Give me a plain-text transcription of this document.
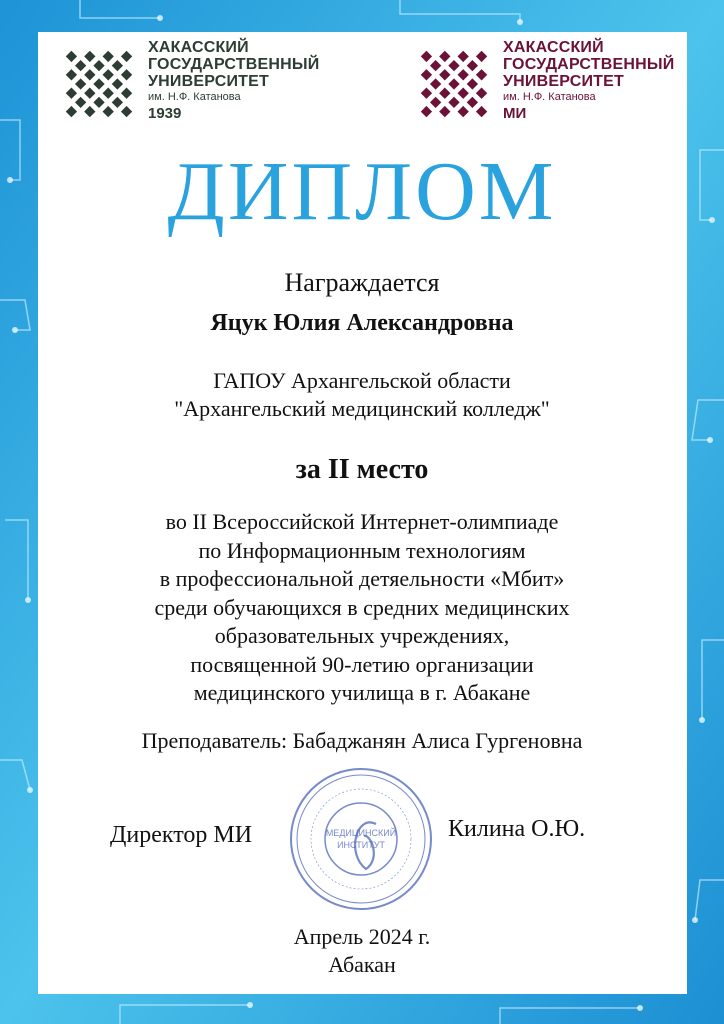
ХАКАССКИЙ
ГОСУДАРСТВЕННЫЙ
УНИВЕРСИТЕТ
им. Н.Ф. Катанова
1939
ХАКАССКИЙ
ГОСУДАРСТВЕННЫЙ
УНИВЕРСИТЕТ
им. Н.Ф. Катанова
МИ
ДИПЛОМ
Награждается
Яцук Юлия Александровна
ГАПОУ Архангельской области
"Архангельский медицинский колледж"
за II место
во II Всероссийской Интернет-олимпиаде
по Информационным технологиям
в профессиональной детяельности «Мбит»
среди обучающихся в средних медицинских
образовательных учреждениях,
посвященной 90-летию организации
медицинского училища в г. Абакане
Преподаватель: Бабаджанян Алиса Гургеновна
Директор МИ	МЕДИЦИНСКИЙ
ИНСТИТУТ
Килина О.Ю.
Апрель 2024 г.
Абакан
